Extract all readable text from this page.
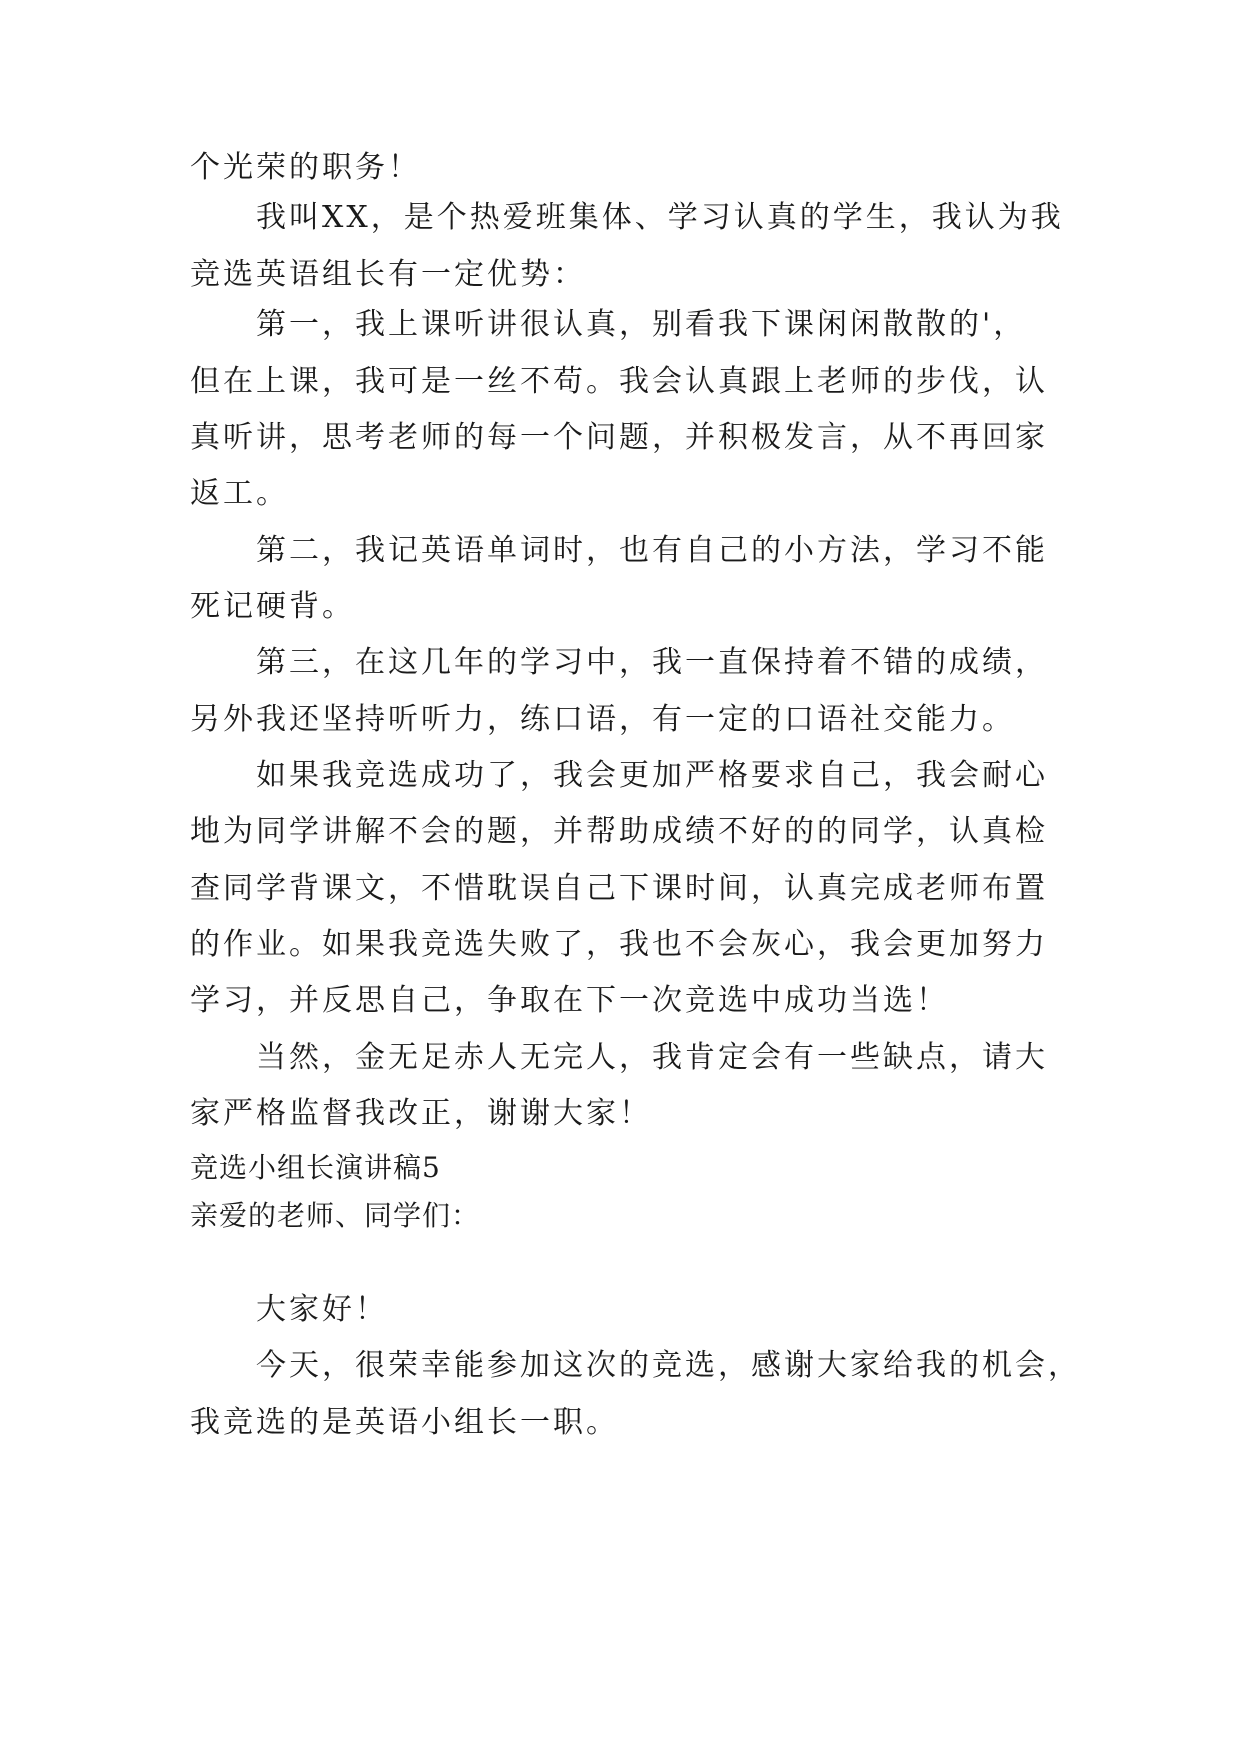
个光荣的职务！
我叫XX，是个热爱班集体、学习认真的学生，我认为我
竞选英语组长有一定优势：
第一，我上课听讲很认真，别看我下课闲闲散散的'，
但在上课，我可是一丝不苟。我会认真跟上老师的步伐，认
真听讲，思考老师的每一个问题，并积极发言，从不再回家
返工。
第二，我记英语单词时，也有自己的小方法，学习不能
死记硬背。
第三，在这几年的学习中，我一直保持着不错的成绩，
另外我还坚持听听力，练口语，有一定的口语社交能力。
如果我竞选成功了，我会更加严格要求自己，我会耐心
地为同学讲解不会的题，并帮助成绩不好的的同学，认真检
查同学背课文，不惜耽误自己下课时间，认真完成老师布置
的作业。如果我竞选失败了，我也不会灰心，我会更加努力
学习，并反思自己，争取在下一次竞选中成功当选！
当然，金无足赤人无完人，我肯定会有一些缺点，请大
家严格监督我改正，谢谢大家！
竞选小组长演讲稿5
亲爱的老师、同学们：
大家好！
今天，很荣幸能参加这次的竞选，感谢大家给我的机会，
我竞选的是英语小组长一职。
